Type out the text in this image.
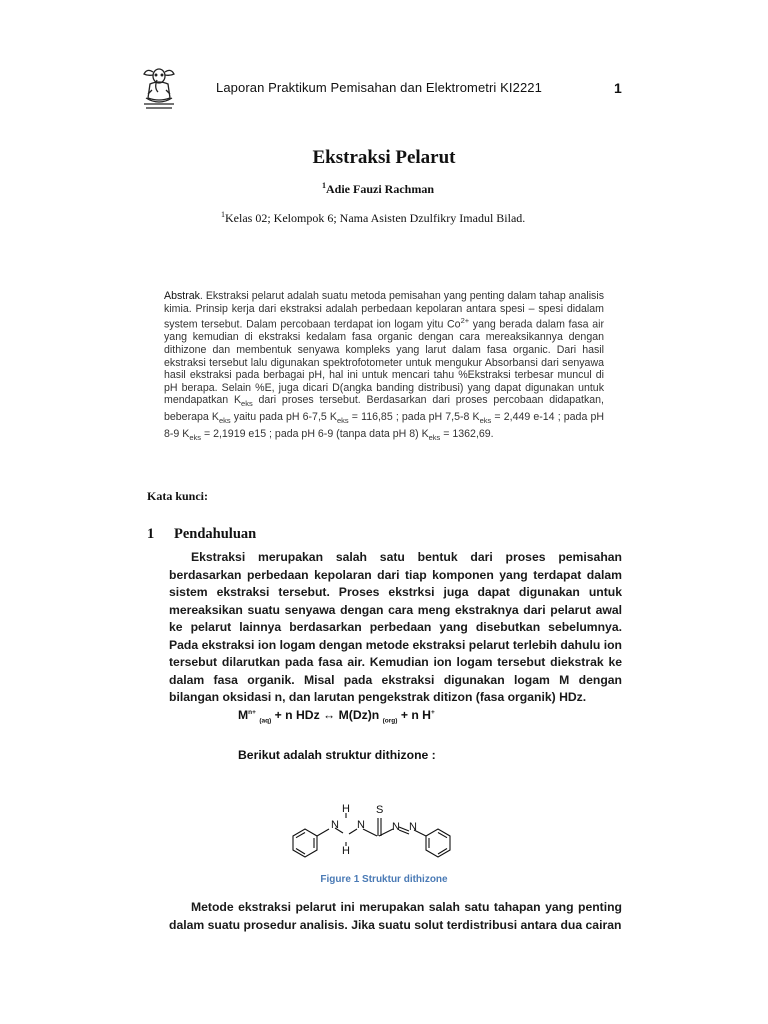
Laporan Praktikum Pemisahan dan Elektrometri KI2221	1
Ekstraksi Pelarut
$^1$Adie Fauzi Rachman
$^1$Kelas 02; Kelompok 6; Nama Asisten Dzulfikry Imadul Bilad.
Abstrak. Ekstraksi pelarut adalah suatu metoda pemisahan yang penting dalam tahap analisis kimia. Prinsip kerja dari ekstraksi adalah perbedaan kepolaran antara spesi – spesi didalam system tersebut. Dalam percobaan terdapat ion logam yitu $Co^{2+}$ yang berada dalam fasa air yang kemudian di ekstraksi kedalam fasa organic dengan cara mereaksikannya dengan dithizone dan membentuk senyawa kompleks yang larut dalam fasa organic. Dari hasil ekstraksi tersebut lalu digunakan spektrofotometer untuk mengukur Absorbansi dari senyawa hasil ekstraksi pada berbagai pH, hal ini untuk mencari tahu %Ekstraksi terbesar muncul di pH berapa. Selain %E, juga dicari D(angka banding distribusi) yang dapat digunakan untuk mendapatkan $K_{eks}$ dari proses tersebut. Berdasarkan dari proses percobaan didapatkan, beberapa $K_{eks}$ yaitu pada pH 6-7,5 $K_{eks} = 116,85$ ; pada pH 7,5-8 $K_{eks} = 2,449$ e-14 ; pada pH 8-9 $K_{eks} = 2,1919$ e15 ; pada pH 6-9 (tanpa data pH 8) $K_{eks} = 1362,69$.
Kata kunci:
1 Pendahuluan
Ekstraksi merupakan salah satu bentuk dari proses pemisahan berdasarkan perbedaan kepolaran dari tiap komponen yang terdapat dalam sistem ekstraksi tersebut. Proses ekstrksi juga dapat digunakan untuk mereaksikan suatu senyawa dengan cara meng ekstraknya dari pelarut awal ke pelarut lainnya berdasarkan perbedaan yang disebutkan sebelumnya. Pada ekstraksi ion logam dengan metode ekstraksi pelarut terlebih dahulu ion tersebut dilarutkan pada fasa air. Kemudian ion logam tersebut diekstrak ke dalam fasa organik. Misal pada ekstraksi digunakan logam M dengan bilangan oksidasi n, dan larutan pengekstrak ditizon (fasa organik) HDz.
$M^{n+}$ $_{(aq)}$ + n HDz ↔ M(Dz)n $_{(org)}$ + n H+
Berikut adalah struktur dithizone :
S
H
N N
H
N N
Figure 1 Struktur dithizone
Metode ekstraksi pelarut ini merupakan salah satu tahapan yang penting dalam suatu prosedur analisis. Jika suatu solut terdistribusi antara dua cairan
